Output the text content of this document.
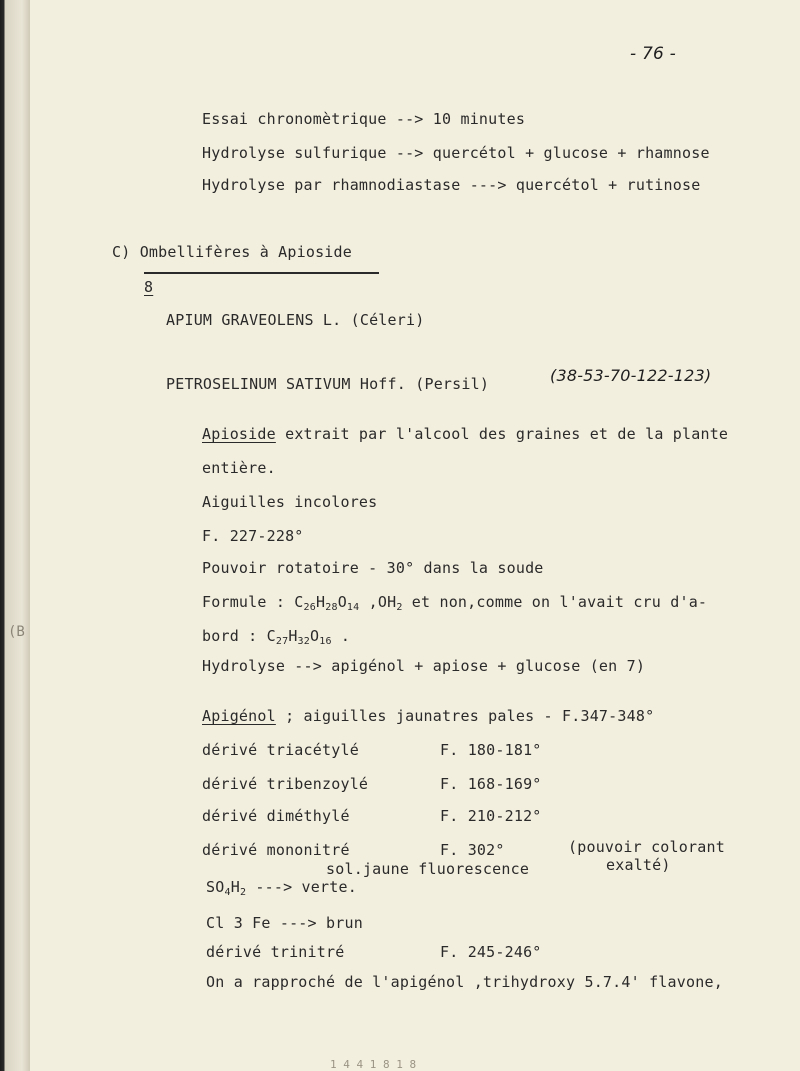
(B
- 76 -
Essai chronomètrique --> 10 minutes
Hydrolyse sulfurique --> quercétol + glucose + rhamnose
Hydrolyse par rhamnodiastase ---> quercétol + rutinose
C) Ombellifères à Apioside
8
APIUM GRAVEOLENS L. (Céleri)
PETROSELINUM SATIVUM Hoff. (Persil)	(38-53-70-122-123)
Apioside extrait par l'alcool des graines et de la plante
entière.
Aiguilles incolores
F. 227-228°
Pouvoir rotatoire - 30° dans la soude
Formule : $C_{26}H_{28}O_{14}$ $,OH_2$ et non,comme on l'avait cru d'a-
bord : $C_{27}H_{32}O_{16}$ .
Hydrolyse --> apigénol + apiose + glucose (en 7)
Apigénol ; aiguilles jaunatres pales - F.347-348°
dérivé triacétylé	F. 180-181°
dérivé tribenzoylé	F. 168-169°
dérivé diméthylé	F. 210-212°
dérivé mononitré	F. 302°	(pouvoir colorant
exalté)
sol.jaune fluorescence
$SO_4H_2$ ---> verte.
Cl 3 Fe ---> brun
dérivé trinitré	F. 245-246°
On a rapproché de l'apigénol ,trihydroxy 5.7.4' flavone,
1 4 4 1 8 1 8
